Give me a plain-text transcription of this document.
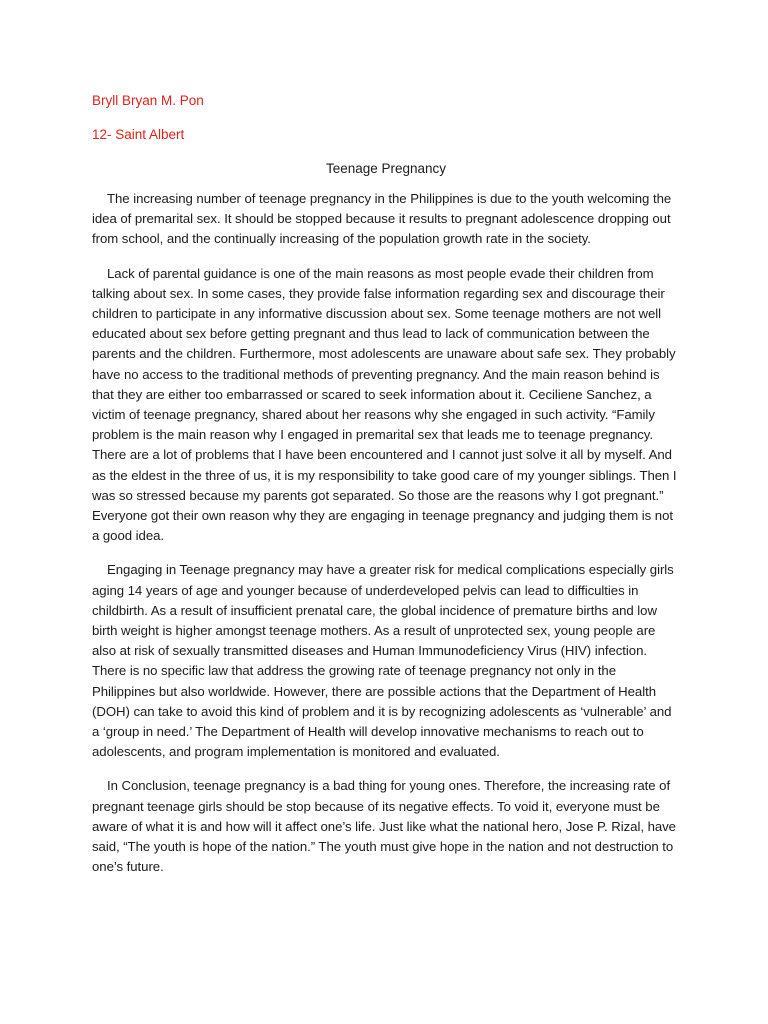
Bryll Bryan M. Pon
12- Saint Albert
Teenage Pregnancy

The increasing number of teenage pregnancy in the Philippines is due to the youth welcoming the idea of premarital sex. It should be stopped because it results to pregnant adolescence dropping out from school, and the continually increasing of the population growth rate in the society.

Lack of parental guidance is one of the main reasons as most people evade their children from talking about sex. In some cases, they provide false information regarding sex and discourage their children to participate in any informative discussion about sex. Some teenage mothers are not well educated about sex before getting pregnant and thus lead to lack of communication between the parents and the children. Furthermore, most adolescents are unaware about safe sex. They probably have no access to the traditional methods of preventing pregnancy. And the main reason behind is that they are either too embarrassed or scared to seek information about it. Ceciliene Sanchez, a victim of teenage pregnancy, shared about her reasons why she engaged in such activity. “Family problem is the main reason why I engaged in premarital sex that leads me to teenage pregnancy. There are a lot of problems that I have been encountered and I cannot just solve it all by myself. And as the eldest in the three of us, it is my responsibility to take good care of my younger siblings. Then I was so stressed because my parents got separated. So those are the reasons why I got pregnant.” Everyone got their own reason why they are engaging in teenage pregnancy and judging them is not a good idea.

Engaging in Teenage pregnancy may have a greater risk for medical complications especially girls aging 14 years of age and younger because of underdeveloped pelvis can lead to difficulties in childbirth. As a result of insufficient prenatal care, the global incidence of premature births and low birth weight is higher amongst teenage mothers. As a result of unprotected sex, young people are also at risk of sexually transmitted diseases and Human Immunodeficiency Virus (HIV) infection. There is no specific law that address the growing rate of teenage pregnancy not only in the Philippines but also worldwide. However, there are possible actions that the Department of Health (DOH) can take to avoid this kind of problem and it is by recognizing adolescents as ‘vulnerable’ and a ‘group in need.’ The Department of Health will develop innovative mechanisms to reach out to adolescents, and program implementation is monitored and evaluated.

In Conclusion, teenage pregnancy is a bad thing for young ones. Therefore, the increasing rate of pregnant teenage girls should be stop because of its negative effects. To void it, everyone must be aware of what it is and how will it affect one’s life. Just like what the national hero, Jose P. Rizal, have said, “The youth is hope of the nation.” The youth must give hope in the nation and not destruction to one’s future.
